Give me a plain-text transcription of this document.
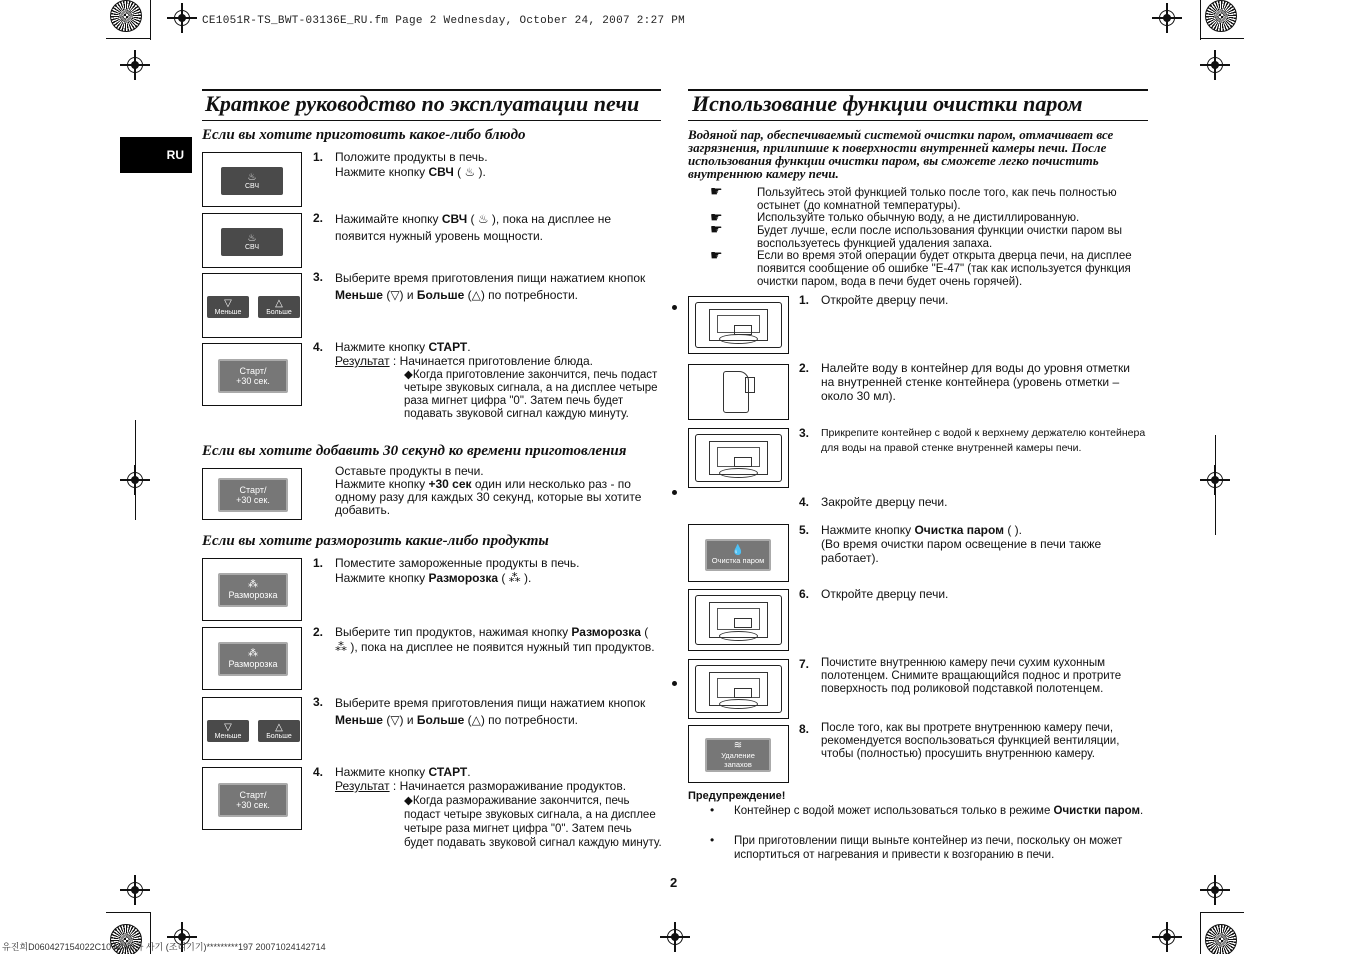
CE1051R-TS_BWT-03136E_RU.fm Page 2 Wednesday, October 24, 2007 2:27 PM
RU
Краткое руководство по эксплуатации печи
Если вы хотите приготовить какое-либо блюдо
♨
СВЧ
1. Положите продукты в печь.
Нажмите кнопку СВЧ ( ♨ ).
♨
СВЧ
2. Нажимайте кнопку СВЧ ( ♨ ), пока на дисплее не появится нужный уровень мощности.
▽
Меньше
△
Больше
3. Выберите время приготовления пищи нажатием кнопок
Меньше (▽) и Больше (△) по потребности.
Старт/
+30 сек.
4. Нажмите кнопку СТАРТ.
Результат : Начинается приготовление блюда.
◆Когда приготовление закончится, печь подаст четыре звуковых сигнала, а на дисплее четыре раза мигнет цифра "0". Затем печь будет подавать звуковой сигнал каждую минуту.
Если вы хотите добавить 30 секунд ко времени приготовления
Старт/
+30 сек.
Оставьте продукты в печи.
Нажмите кнопку +30 сек один или несколько раз - по одному разу для каждых 30 секунд, которые вы хотите добавить.
Если вы хотите разморозить какие-либо продукты
⁂
Разморозка
1. Поместите замороженные продукты в печь.
Нажмите кнопку Разморозка ( ⁂ ).
⁂
Разморозка
2. Выберите тип продуктов, нажимая кнопку Разморозка ( ⁂ ), пока на дисплее не появится нужный тип продуктов.
▽
Меньше
△
Больше
3. Выберите время приготовления пищи нажатием кнопок
Меньше (▽) и Больше (△) по потребности.
Старт/
+30 сек.
4. Нажмите кнопку СТАРТ.
Результат : Начинается размораживание продуктов.
◆Когда размораживание закончится, печь подаст четыре звуковых сигнала, а на дисплее четыре раза мигнет цифра "0". Затем печь будет подавать звуковой сигнал каждую минуту.
Использование функции очистки паром
Водяной пар, обеспечиваемый системой очистки паром, отмачивает все загрязнения, прилипшие к поверхности внутренней камеры печи. После использования функции очистки паром, вы сможете легко почистить внутреннюю камеру печи.
☛	Пользуйтесь этой функцией только после того, как печь полностью остынет (до комнатной температуры).
☛	Используйте только обычную воду, а не дистиллированную.
☛	Будет лучше, если после использования функции очистки паром вы воспользуетесь функцией удаления запаха.
☛	Если во время этой операции будет открыта дверца печи, на дисплее появится сообщение об ошибке "E-47" (так как используется функция очистки паром, вода в печи будет очень горячей).
💧
Очистка паром
≋
Удаление запахов
1. Откройте дверцу печи.
2. Налейте воду в контейнер для воды до уровня отметки на внутренней стенке контейнера (уровень отметки – около 30 мл).
3. Прикрепите контейнер с водой к верхнему держателю контейнера для воды на правой стенке внутренней камеры печи.
4. Закройте дверцу печи.
5. Нажмите кнопку Очистка паром ( ).
(Во время очистки паром освещение в печи также работает).
6. Откройте дверцу печи.
7. Почистите внутреннюю камеру печи сухим кухонным полотенцем. Снимите вращающийся поднос и протрите поверхность под роликовой подставкой полотенцем.
8. После того, как вы протрете внутреннюю камеру печи, рекомендуется воспользоваться функцией вентиляции, чтобы (полностью) просушить внутреннюю камеру.
Предупреждение!
• Контейнер с водой может использоваться только в режиме Очистки паром.
• При приготовлении пищи выньте контейнер из печи, поскольку он может испортиться от нагревания и привести к возгоранию в печи.
2
유진희D060427154022C10 MW0가 사기 (조리기기)*********197 20071024142714
